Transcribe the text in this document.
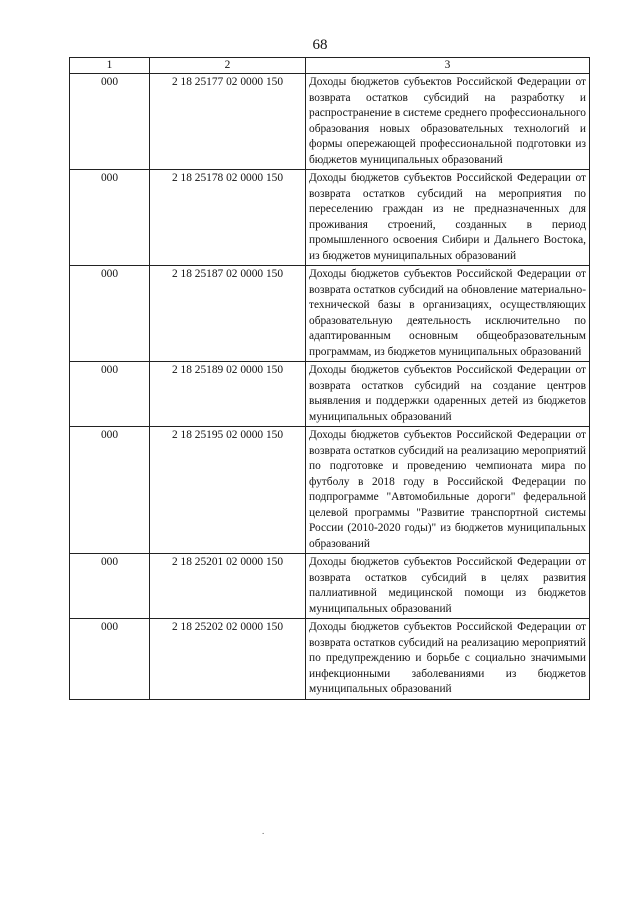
68
1	2	3
000	2 18 25177 02 0000 150	Доходы бюджетов субъектов Российской Федерации от возврата остатков субсидий на разработку и распространение в системе среднего профессионального образования новых образовательных технологий и формы опережающей профессиональной подготовки из бюджетов муниципальных образований
000	2 18 25178 02 0000 150	Доходы бюджетов субъектов Российской Федерации от возврата остатков субсидий на мероприятия по переселению граждан из не предназначенных для проживания строений, созданных в период промышленного освоения Сибири и Дальнего Востока, из бюджетов муниципальных образований
000	2 18 25187 02 0000 150	Доходы бюджетов субъектов Российской Федерации от возврата остатков субсидий на обновление материально-технической базы в организациях, осуществляющих образовательную деятельность исключительно по адаптированным основным общеобразовательным программам, из бюджетов муниципальных образований
000	2 18 25189 02 0000 150	Доходы бюджетов субъектов Российской Федерации от возврата остатков субсидий на создание центров выявления и поддержки одаренных детей из бюджетов муниципальных образований
000	2 18 25195 02 0000 150	Доходы бюджетов субъектов Российской Федерации от возврата остатков субсидий на реализацию мероприятий по подготовке и проведению чемпионата мира по футболу в 2018 году в Российской Федерации по подпрограмме "Автомобильные дороги" федеральной целевой программы "Развитие транспортной системы России (2010-2020 годы)" из бюджетов муниципальных образований
000	2 18 25201 02 0000 150	Доходы бюджетов субъектов Российской Федерации от возврата остатков субсидий в целях развития паллиативной медицинской помощи из бюджетов муниципальных образований
000	2 18 25202 02 0000 150	Доходы бюджетов субъектов Российской Федерации от возврата остатков субсидий на реализацию мероприятий по предупреждению и борьбе с социально значимыми инфекционными заболеваниями из бюджетов муниципальных образований
.
